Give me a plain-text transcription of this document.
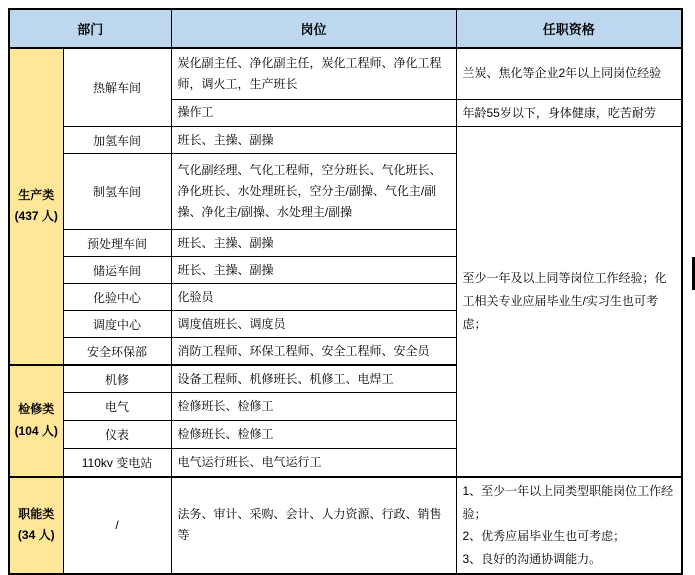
部门		岗位	任职资格
生产类
(437 人)	热解车间	炭化副主任、净化副主任，炭化工程师、净化工程师，调火工，生产班长	兰炭、焦化等企业2年以上同岗位经验
		操作工	年龄55岁以下，身体健康，吃苦耐劳
	加氢车间	班长、主操、副操	至少一年及以上同等岗位工作经验；化工相关专业应届毕业生/实习生也可考虑；
	制氢车间	气化副经理、气化工程师，空分班长、气化班长、净化班长、水处理班长，空分主/副操、气化主/副操、净化主/副操、水处理主/副操	
	预处理车间	班长、主操、副操	
	储运车间	班长、主操、副操	
	化验中心	化验员	
	调度中心	调度值班长、调度员	
	安全环保部	消防工程师、环保工程师、安全工程师、安全员	
检修类
(104 人)	机修	设备工程师、机修班长、机修工、电焊工	
	电气	检修班长、检修工	
	仪表	检修班长、检修工	
	110kv 变电站	电气运行班长、电气运行工	
职能类
(34 人)	/	法务、审计、采购、会计、人力资源、行政、销售等	1、至少一年以上同类型职能岗位工作经验；
2、优秀应届毕业生也可考虑；
3、良好的沟通协调能力。
